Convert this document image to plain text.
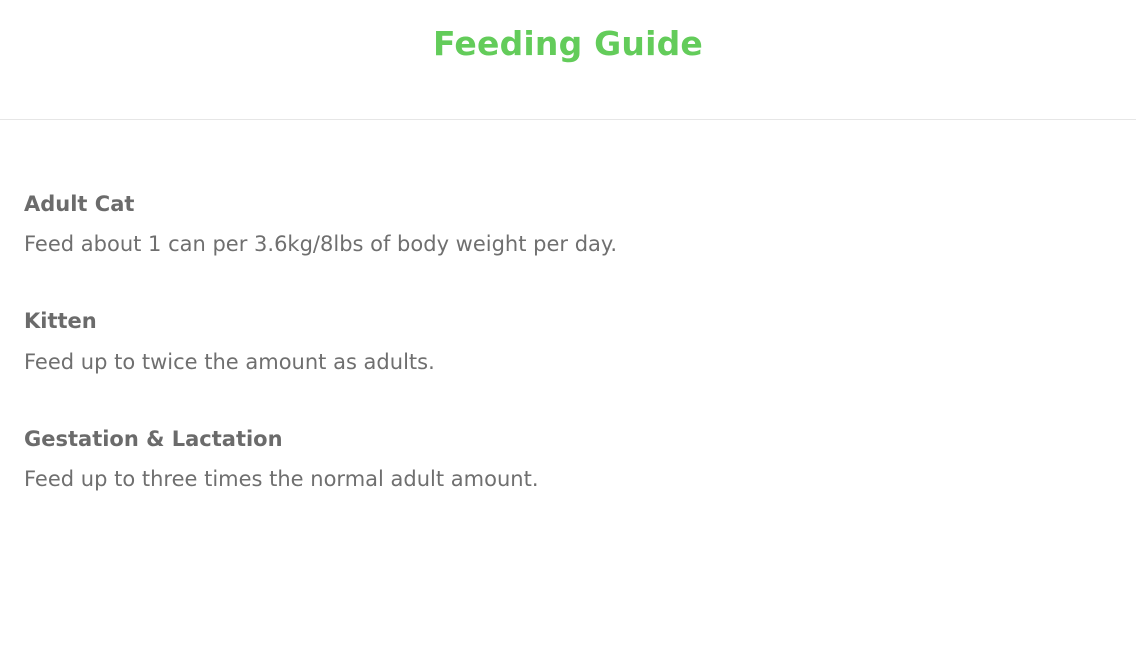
Feeding Guide
Adult Cat

Feed about 1 can per 3.6kg/8lbs of body weight per day.

Kitten

Feed up to twice the amount as adults.

Gestation & Lactation

Feed up to three times the normal adult amount.
